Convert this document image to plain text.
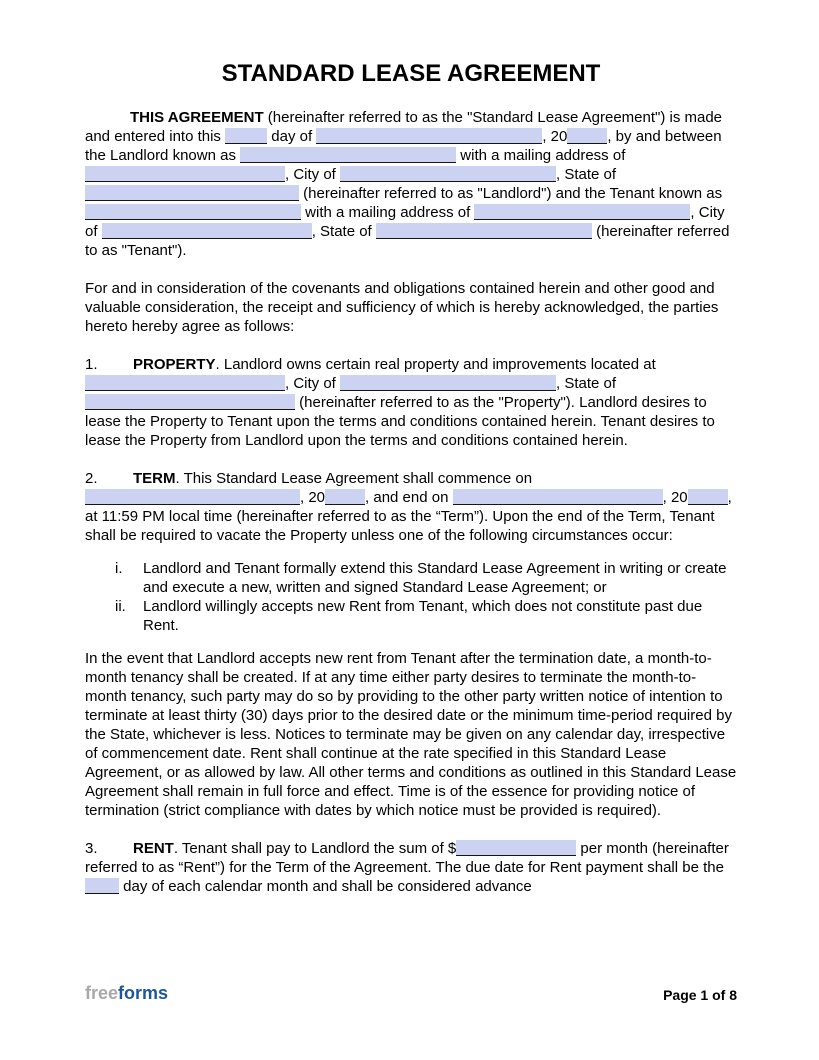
STANDARD LEASE AGREEMENT
THIS AGREEMENT (hereinafter referred to as the "Standard Lease Agreement") is made and entered into this	day of	, 20	, by and between the Landlord known as	with a mailing address of , City of	, State of  (hereinafter referred to as "Landlord") and the Tenant known as  with a mailing address of	, City of	, State of	(hereinafter referred to as "Tenant").
For and in consideration of the covenants and obligations contained herein and other good and valuable consideration, the receipt and sufficiency of which is hereby acknowledged, the parties hereto hereby agree as follows:
1. PROPERTY. Landlord owns certain real property and improvements located at , City of	, State of  (hereinafter referred to as the "Property"). Landlord desires to lease the Property to Tenant upon the terms and conditions contained herein. Tenant desires to lease the Property from Landlord upon the terms and conditions contained herein.
2. TERM. This Standard Lease Agreement shall commence on , 20	, and end on	, 20	, at 11:59 PM local time (hereinafter referred to as the “Term”). Upon the end of the Term, Tenant shall be required to vacate the Property unless one of the following circumstances occur:
i.	Landlord and Tenant formally extend this Standard Lease Agreement in writing or create and execute a new, written and signed Standard Lease Agreement; or
ii.	Landlord willingly accepts new Rent from Tenant, which does not constitute past due Rent.
In the event that Landlord accepts new rent from Tenant after the termination date, a month-to-month tenancy shall be created. If at any time either party desires to terminate the month-to-month tenancy, such party may do so by providing to the other party written notice of intention to terminate at least thirty (30) days prior to the desired date or the minimum time-period required by the State, whichever is less. Notices to terminate may be given on any calendar day, irrespective of commencement date. Rent shall continue at the rate specified in this Standard Lease Agreement, or as allowed by law. All other terms and conditions as outlined in this Standard Lease Agreement shall remain in full force and effect. Time is of the essence for providing notice of termination (strict compliance with dates by which notice must be provided is required).
3. RENT. Tenant shall pay to Landlord the sum of $	per month (hereinafter referred to as “Rent”) for the Term of the Agreement. The due date for Rent payment shall be the  day of each calendar month and shall be considered advance
freeforms	Page 1 of 8
